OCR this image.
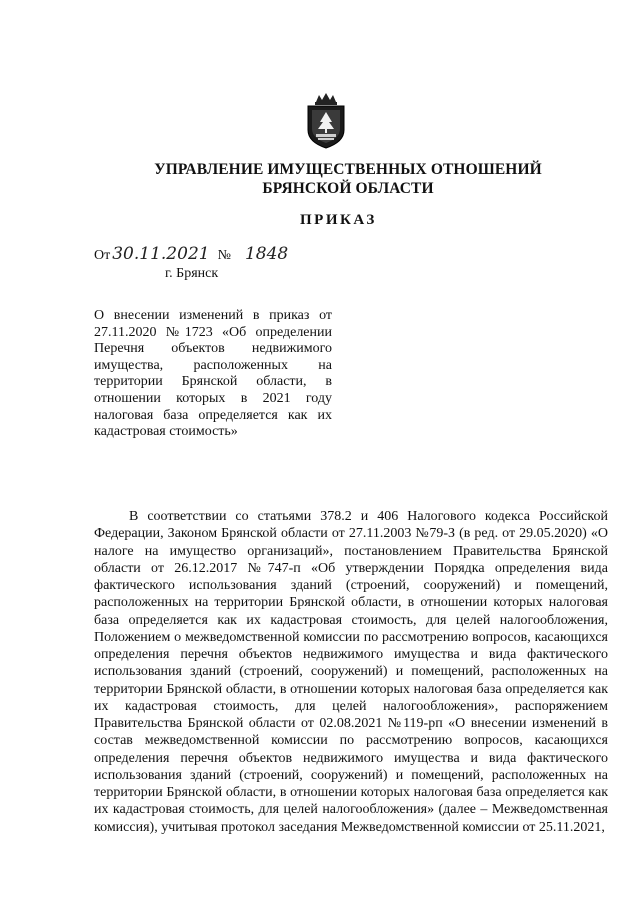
УПРАВЛЕНИЕ ИМУЩЕСТВЕННЫХ ОТНОШЕНИЙ
БРЯНСКОЙ ОБЛАСТИ
ПРИКАЗ
От 30.11.2021 № 1848
г. Брянск
О внесении изменений в приказ от 27.11.2020 №1723 «Об определении Перечня объектов недвижимого имущества, расположенных на территории Брянской области, в отношении которых в 2021 году налоговая база определяется как их кадастровая стоимость»
В соответствии со статьями 378.2 и 406 Налогового кодекса Российской Федерации, Законом Брянской области от 27.11.2003 №79-З (в ред. от 29.05.2020) «О налоге на имущество организаций», постановлением Правительства Брянской области от 26.12.2017 №747-п «Об утверждении Порядка определения вида фактического использования зданий (строений, сооружений) и помещений, расположенных на территории Брянской области, в отношении которых налоговая база определяется как их кадастровая стоимость, для целей налогообложения, Положением о межведомственной комиссии по рассмотрению вопросов, касающихся определения перечня объектов недвижимого имущества и вида фактического использования зданий (строений, сооружений) и помещений, расположенных на территории Брянской области, в отношении которых налоговая база определяется как их кадастровая стоимость, для целей налогообложения», распоряжением Правительства Брянской области от 02.08.2021 №119-рп «О внесении изменений в состав межведомственной комиссии по рассмотрению вопросов, касающихся определения перечня объектов недвижимого имущества и вида фактического использования зданий (строений, сооружений) и помещений, расположенных на территории Брянской области, в отношении которых налоговая база определяется как их кадастровая стоимость, для целей налогообложения» (далее – Межведомственная комиссия), учитывая протокол заседания Межведомственной комиссии от 25.11.2021,
